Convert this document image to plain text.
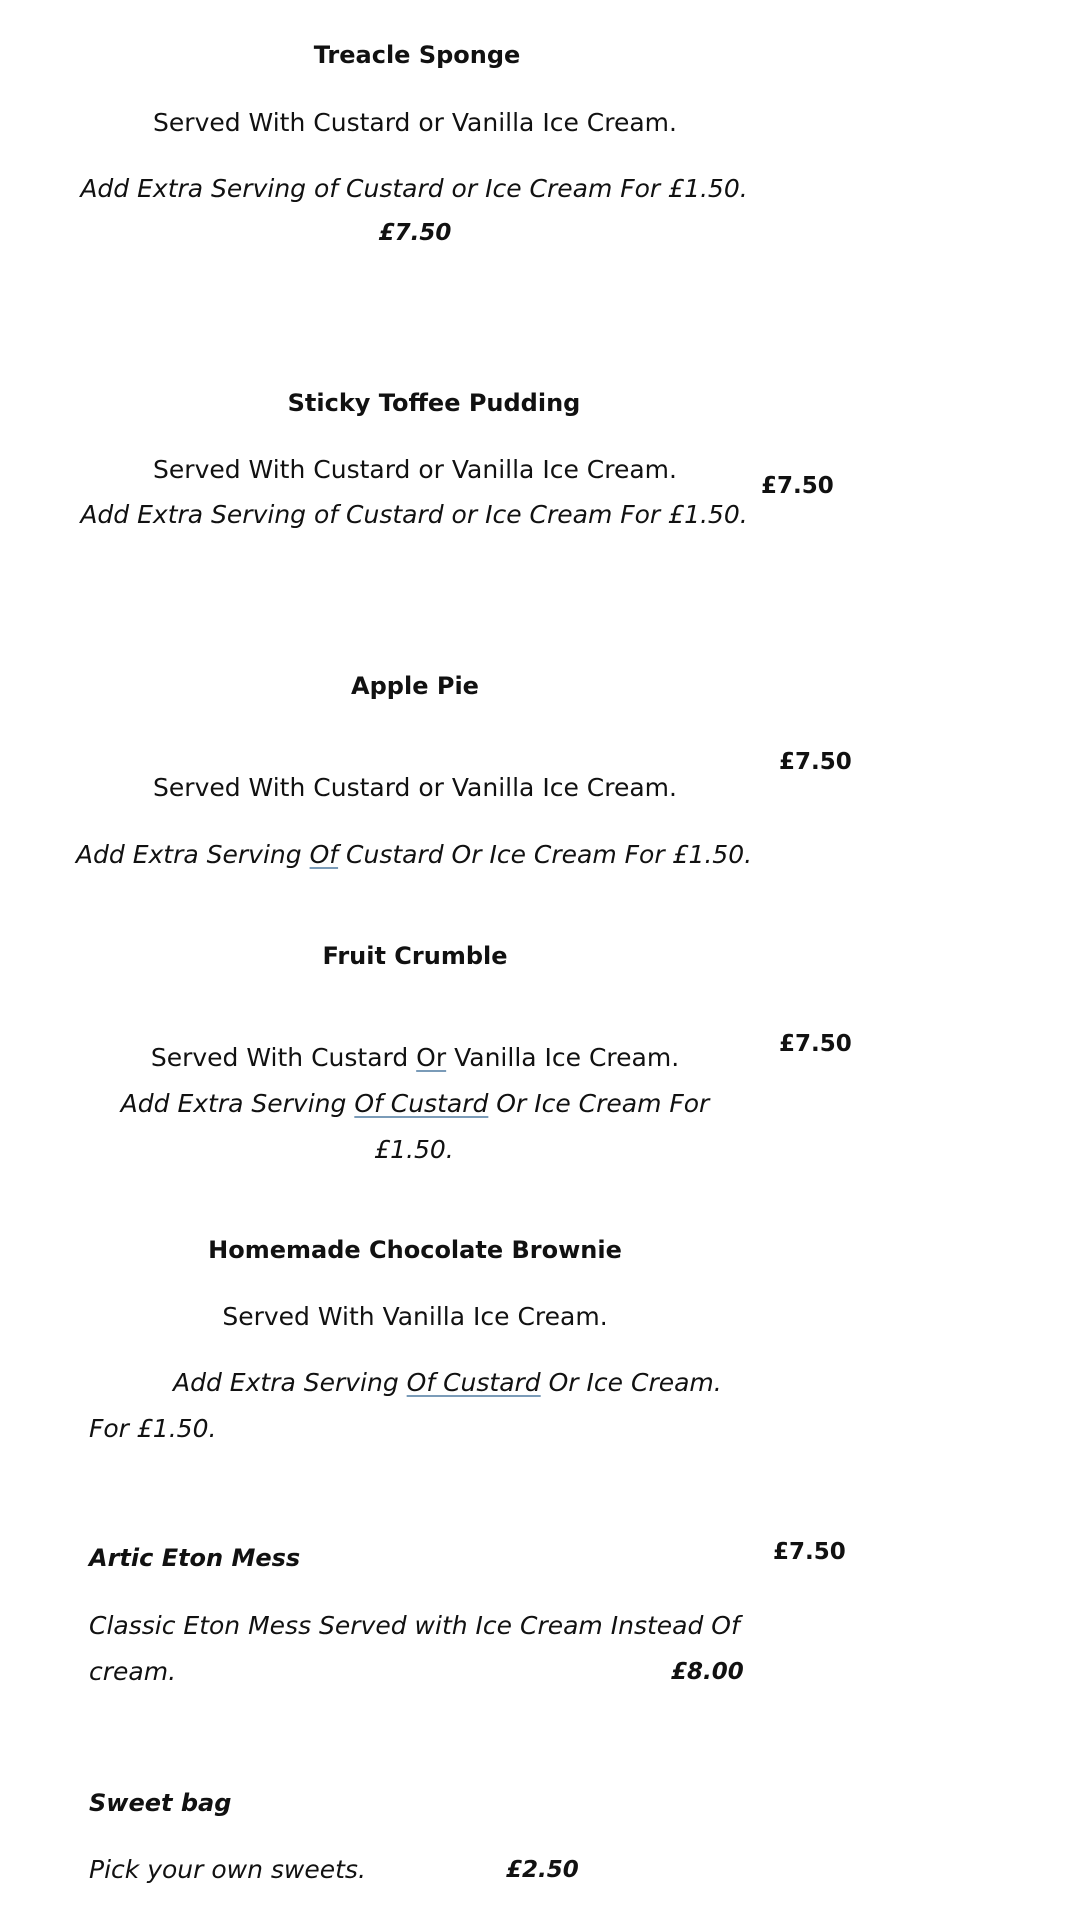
Treacle Sponge
Served With Custard or Vanilla Ice Cream.
Add Extra Serving of Custard or Ice Cream For £1.50.
£7.50
Sticky Toffee Pudding
Served With Custard or Vanilla Ice Cream.
Add Extra Serving of Custard or Ice Cream For £1.50.
£7.50
Apple Pie
£7.50
Served With Custard or Vanilla Ice Cream.
Add Extra Serving Of Custard Or Ice Cream For £1.50.
Fruit Crumble
£7.50
Served With Custard Or Vanilla Ice Cream.
Add Extra Serving Of Custard Or Ice Cream For
£1.50.
Homemade Chocolate Brownie
Served With Vanilla Ice Cream.
Add Extra Serving Of Custard Or Ice Cream.
For £1.50.
Artic Eton Mess	£7.50
Classic Eton Mess Served with Ice Cream Instead Of
cream.	£8.00
Sweet bag
Pick your own sweets.	£2.50
